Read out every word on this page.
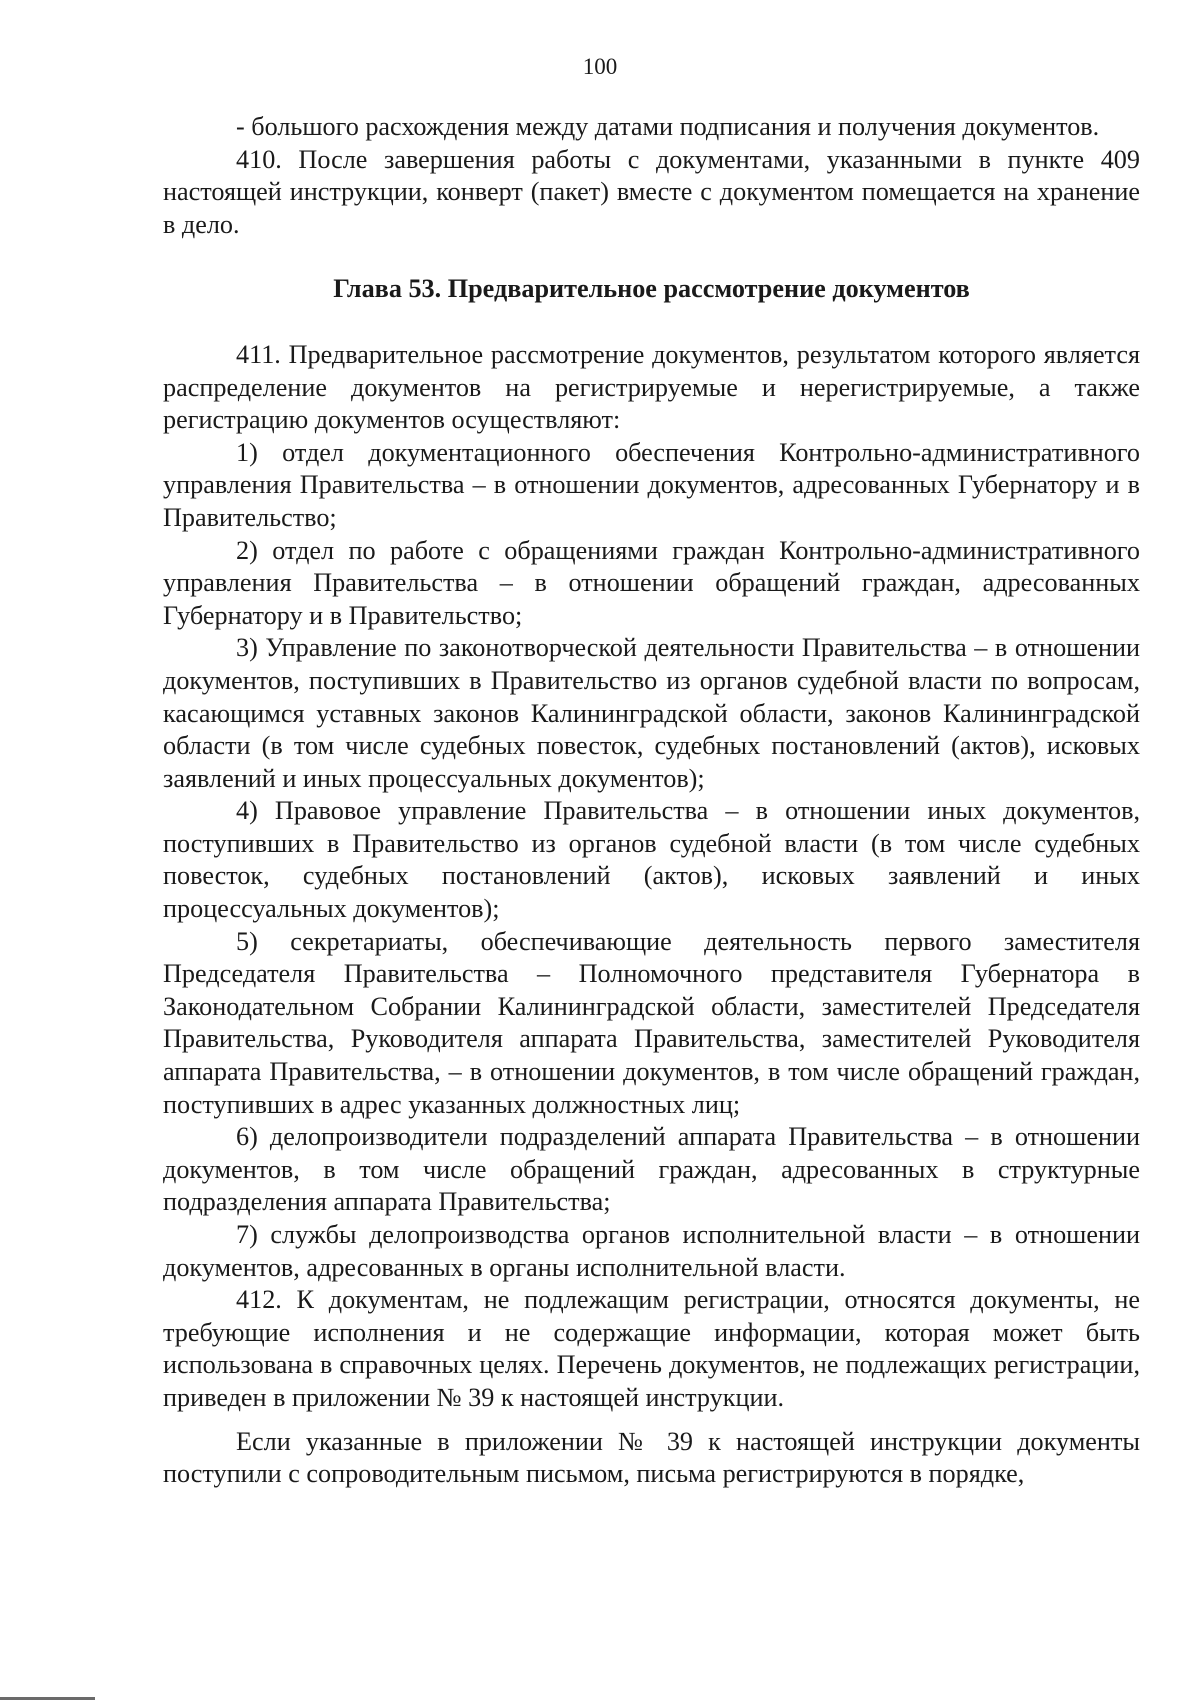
100

- большого расхождения между датами подписания и получения документов.

410. После завершения работы с документами, указанными в пункте 409 настоящей инструкции, конверт (пакет) вместе с документом помещается на хранение в дело.

Глава 53. Предварительное рассмотрение документов

411. Предварительное рассмотрение документов, результатом которого является распределение документов на регистрируемые и нерегистрируемые, а также регистрацию документов осуществляют:

1) отдел документационного обеспечения Контрольно-административного управления Правительства – в отношении документов, адресованных Губернатору и в Правительство;

2) отдел по работе с обращениями граждан Контрольно-административного управления Правительства – в отношении обращений граждан, адресованных Губернатору и в Правительство;

3) Управление по законотворческой деятельности Правительства – в отношении документов, поступивших в Правительство из органов судебной власти по вопросам, касающимся уставных законов Калининградской области, законов Калининградской области (в том числе судебных повесток, судебных постановлений (актов), исковых заявлений и иных процессуальных документов);

4) Правовое управление Правительства – в отношении иных документов, поступивших в Правительство из органов судебной власти (в том числе судебных повесток, судебных постановлений (актов), исковых заявлений и иных процессуальных документов);

5) секретариаты, обеспечивающие деятельность первого заместителя Председателя Правительства – Полномочного представителя Губернатора в Законодательном Собрании Калининградской области, заместителей Председателя Правительства, Руководителя аппарата Правительства, заместителей Руководителя аппарата Правительства, – в отношении документов, в том числе обращений граждан, поступивших в адрес указанных должностных лиц;

6) делопроизводители подразделений аппарата Правительства – в отношении документов, в том числе обращений граждан, адресованных в структурные подразделения аппарата Правительства;

7) службы делопроизводства органов исполнительной власти – в отношении документов, адресованных в органы исполнительной власти.

412. К документам, не подлежащим регистрации, относятся документы, не требующие исполнения и не содержащие информации, которая может быть использована в справочных целях. Перечень документов, не подлежащих регистрации, приведен в приложении № 39 к настоящей инструкции.

Если указанные в приложении № 39 к настоящей инструкции документы поступили с сопроводительным письмом, письма регистрируются в порядке,
